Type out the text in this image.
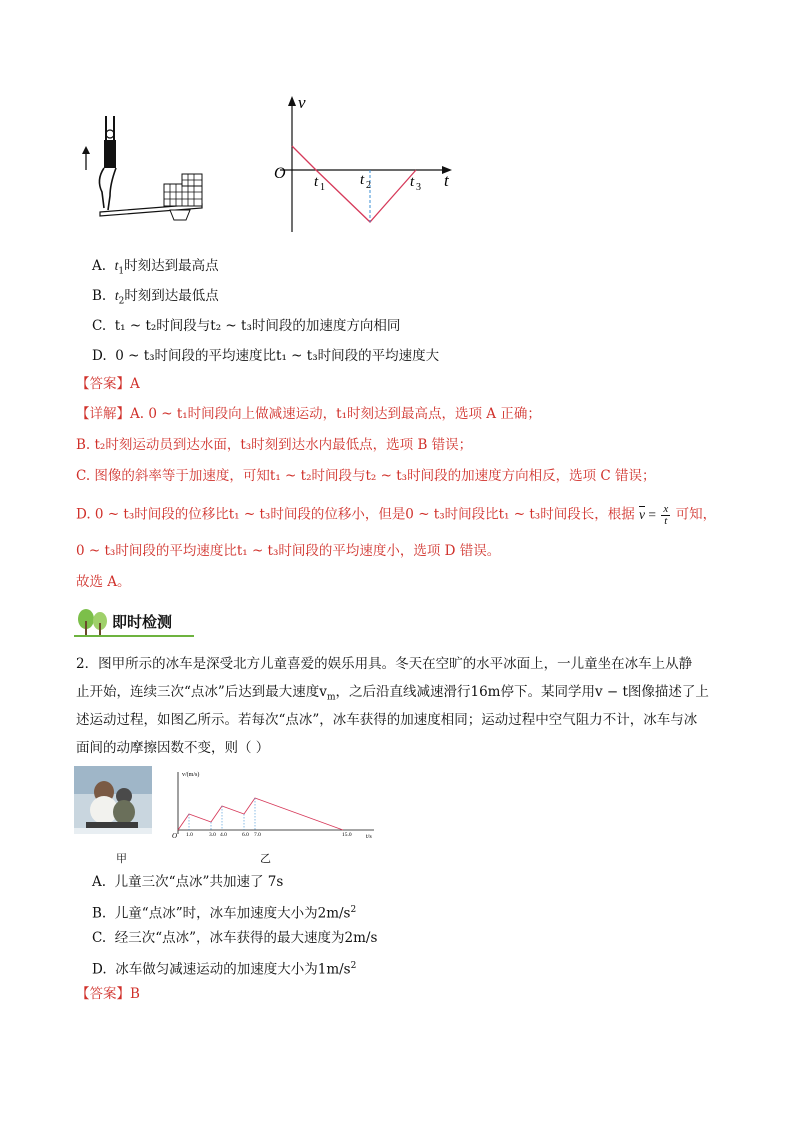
v
t
O t 1 t 2	t 3
A. $t_1$时刻达到最高点
B. $t_2$时刻到达最低点
C. t₁ ~ t₂时间段与t₂ ~ t₃时间段的加速度方向相同
D. 0 ~ t₃时间段的平均速度比t₁ ~ t₃时间段的平均速度大
【答案】A
【详解】A. 0 ~ t₁时间段向上做减速运动，t₁时刻达到最高点，选项 A 正确；
B. t₂时刻运动员到达水面，t₃时刻到达水内最低点，选项 B 错误；
C. 图像的斜率等于加速度，可知t₁ ~ t₂时间段与t₂ ~ t₃时间段的加速度方向相反，选项 C 错误；
D. 0 ~ t₃时间段的位移比t₁ ~ t₃时间段的位移小，但是0 ~ t₃时间段比t₁ ~ t₃时间段长，根据 $\overline{v} = \frac{x}{t}$ 可知，
0 ~ t₃时间段的平均速度比t₁ ~ t₃时间段的平均速度小，选项 D 错误。
故选 A。
即时检测
2．图甲所示的冰车是深受北方儿童喜爱的娱乐用具。冬天在空旷的水平冰面上，一儿童坐在冰车上从静
止开始，连续三次“点冰”后达到最大速度$v_m$，之后沿直线减速滑行16m停下。某同学用v − t图像描述了上
述运动过程，如图乙所示。若每次“点冰”，冰车获得的加速度相同；运动过程中空气阻力不计，冰车与冰
面间的动摩擦因数不变，则（ ）
v/(m/s)
t/s
O 1.0	3.0 4.0	6.0 7.0	15.0
甲	乙
A. 儿童三次“点冰”共加速了 7s
B. 儿童“点冰”时，冰车加速度大小为$2m/s^2$
C. 经三次“点冰”，冰车获得的最大速度为2m/s
D. 冰车做匀减速运动的加速度大小为$1m/s^2$
【答案】B
